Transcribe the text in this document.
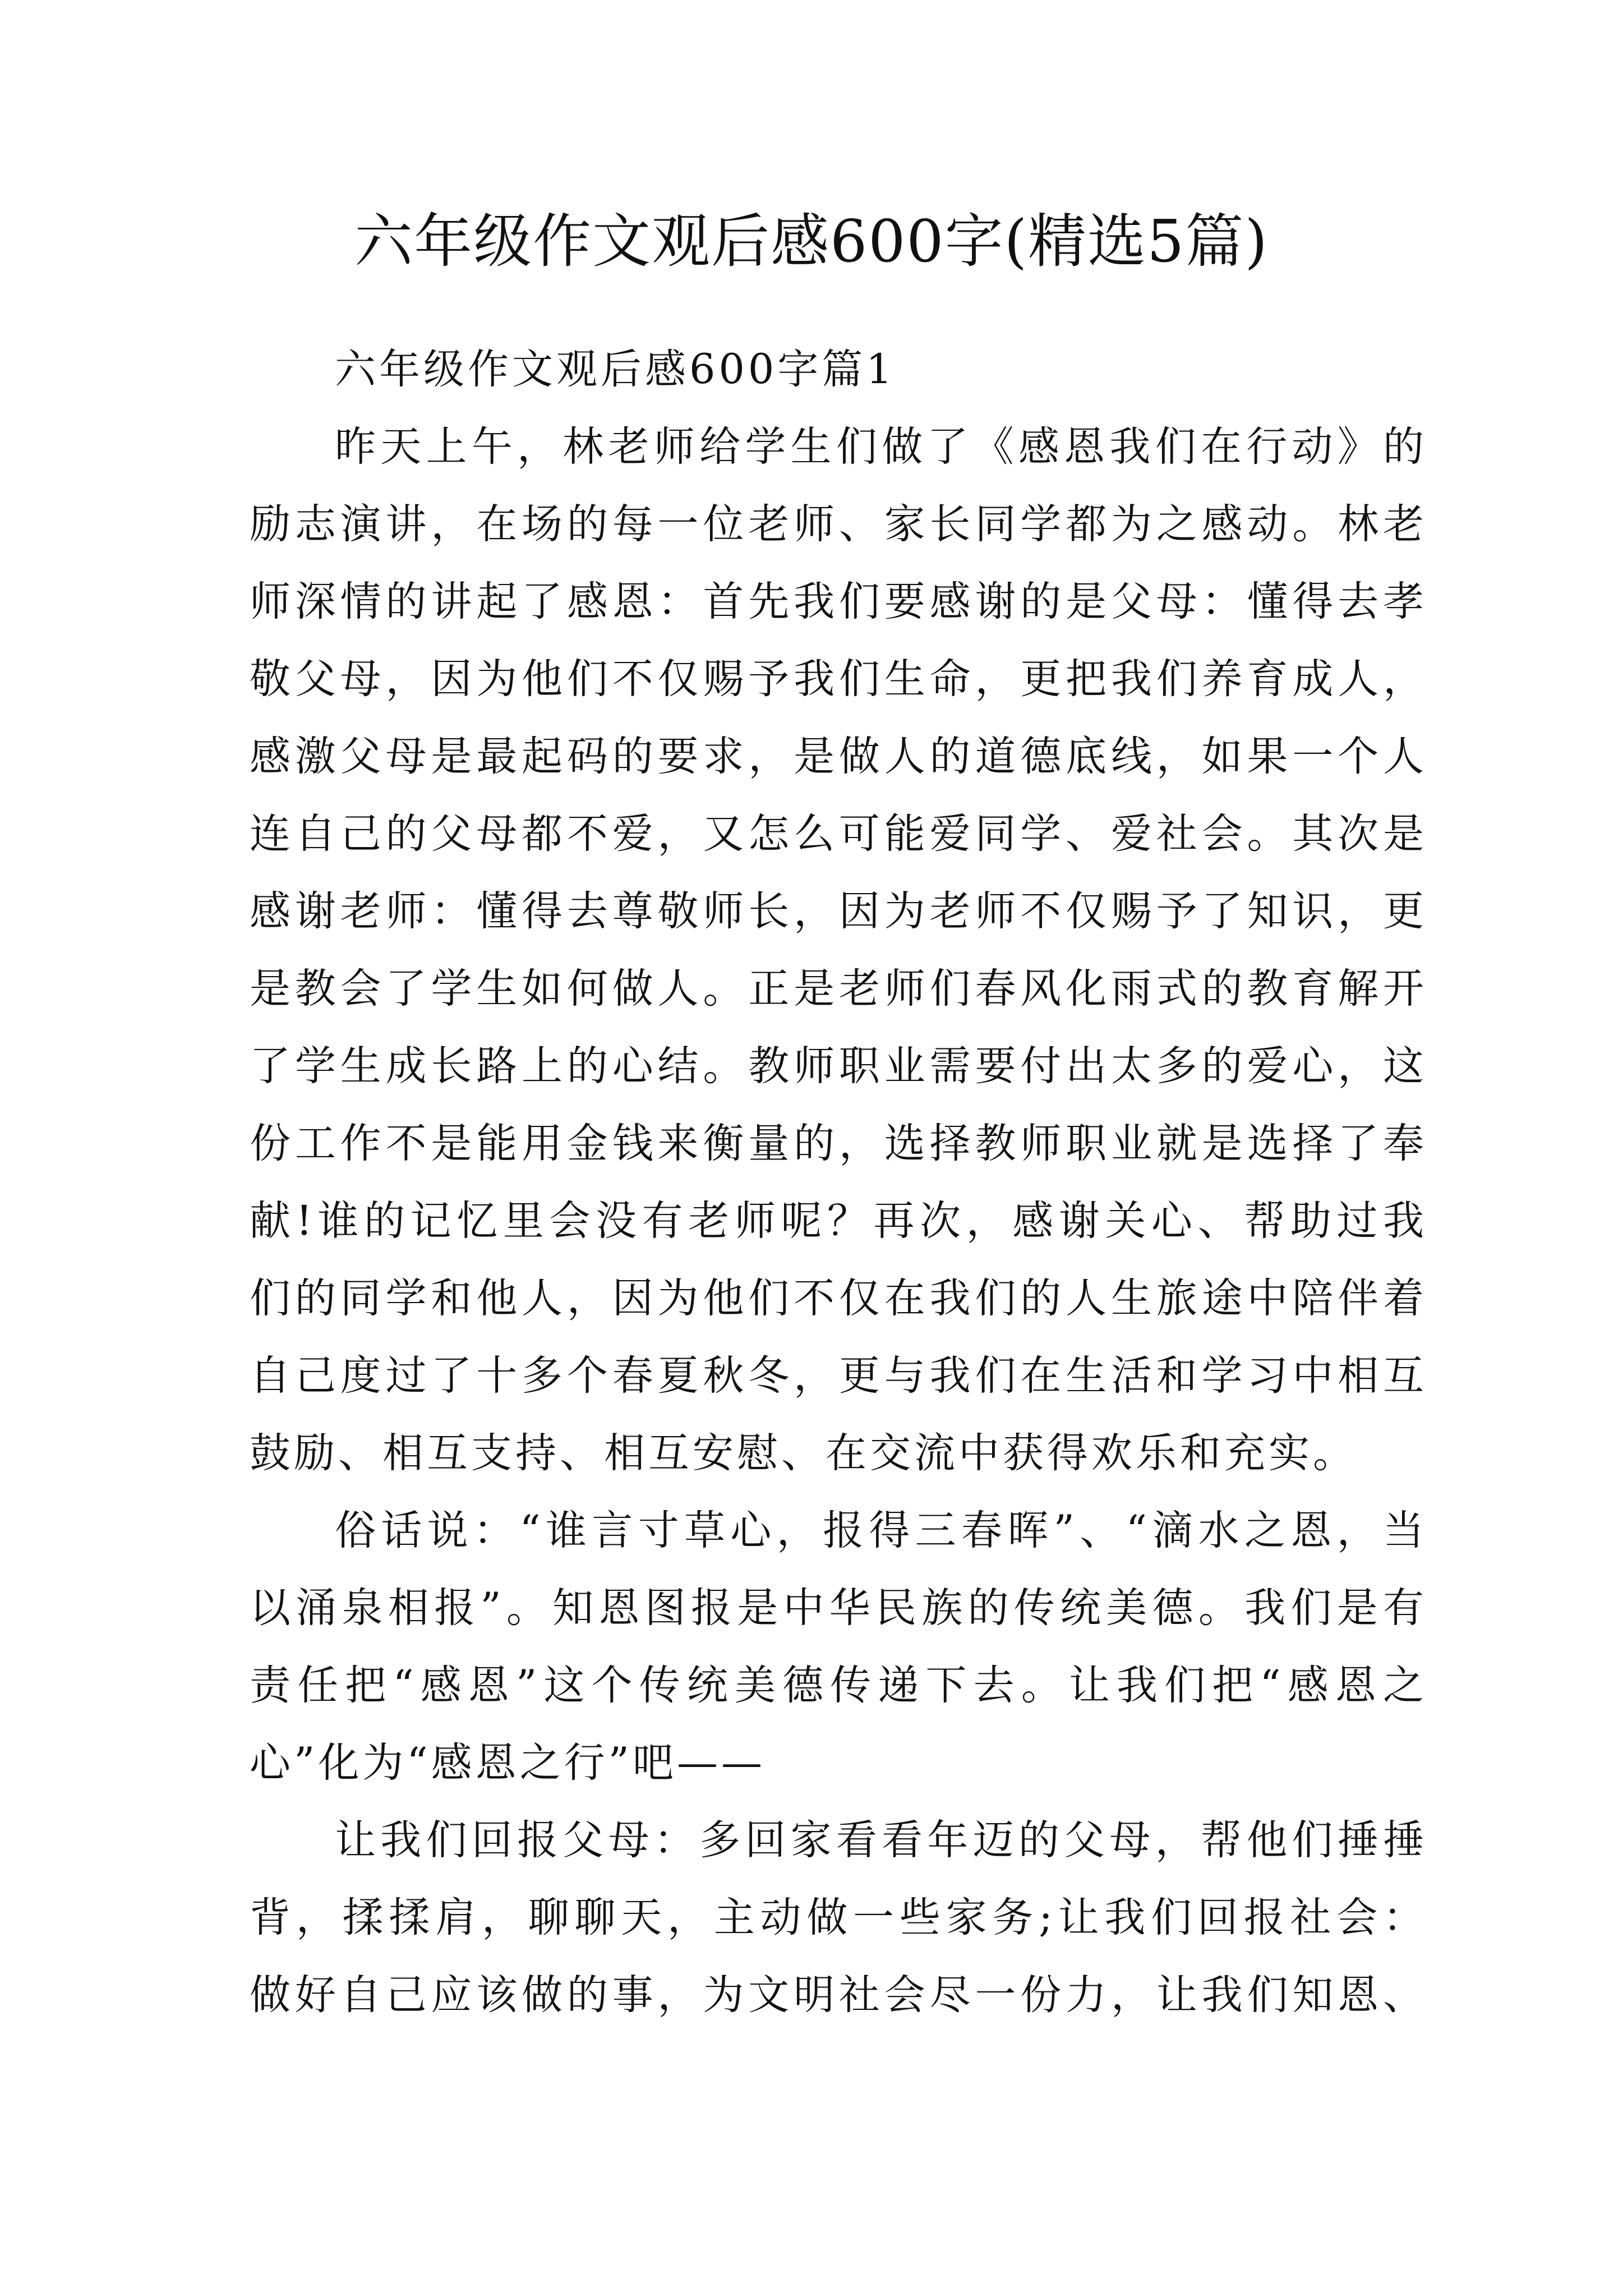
六年级作文观后感600字(精选5篇)
六年级作文观后感600字篇1
昨天上午，林老师给学生们做了《感恩我们在行动》的
励志演讲，在场的每一位老师、家长同学都为之感动。林老
师深情的讲起了感恩：首先我们要感谢的是父母：懂得去孝
敬父母，因为他们不仅赐予我们生命，更把我们养育成人，
感激父母是最起码的要求，是做人的道德底线，如果一个人
连自己的父母都不爱，又怎么可能爱同学、爱社会。其次是
感谢老师：懂得去尊敬师长，因为老师不仅赐予了知识，更
是教会了学生如何做人。正是老师们春风化雨式的教育解开
了学生成长路上的心结。教师职业需要付出太多的爱心，这
份工作不是能用金钱来衡量的，选择教师职业就是选择了奉
献!谁的记忆里会没有老师呢？再次，感谢关心、帮助过我
们的同学和他人，因为他们不仅在我们的人生旅途中陪伴着
自己度过了十多个春夏秋冬，更与我们在生活和学习中相互
鼓励、相互支持、相互安慰、在交流中获得欢乐和充实。
俗话说：“谁言寸草心，报得三春晖”、“滴水之恩，当
以涌泉相报”。知恩图报是中华民族的传统美德。我们是有
责任把“感恩”这个传统美德传递下去。让我们把“感恩之
心”化为“感恩之行”吧——
让我们回报父母：多回家看看年迈的父母，帮他们捶捶
背，揉揉肩，聊聊天，主动做一些家务;让我们回报社会：
做好自己应该做的事，为文明社会尽一份力，让我们知恩、
